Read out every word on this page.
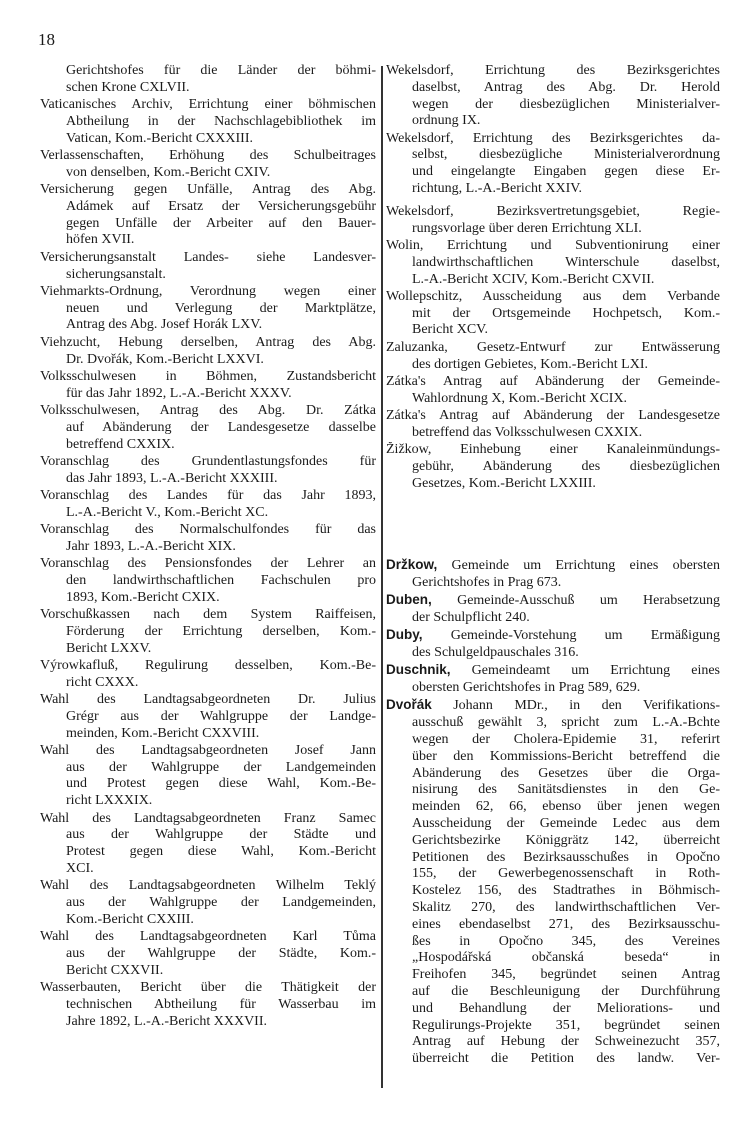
18
Gerichtshofes für die Länder der böhmi-
schen Krone CXLVII.
Vaticanisches Archiv, Errichtung einer böhmischen
Abtheilung in der Nachschlagebibliothek im
Vatican, Kom.-Bericht CXXXIII.
Verlassenschaften, Erhöhung des Schulbeitrages
von denselben, Kom.-Bericht CXIV.
Versicherung gegen Unfälle, Antrag des Abg.
Adámek auf Ersatz der Versicherungsgebühr
gegen Unfälle der Arbeiter auf den Bauer-
höfen XVII.
Versicherungsanstalt Landes- siehe Landesver-
sicherungsanstalt.
Viehmarkts-Ordnung, Verordnung wegen einer
neuen und Verlegung der Marktplätze,
Antrag des Abg. Josef Horák LXV.
Viehzucht, Hebung derselben, Antrag des Abg.
Dr. Dvořák, Kom.-Bericht LXXVI.
Volksschulwesen in Böhmen, Zustandsbericht
für das Jahr 1892, L.-A.-Bericht XXXV.
Volksschulwesen, Antrag des Abg. Dr. Zátka
auf Abänderung der Landesgesetze dasselbe
betreffend CXXIX.
Voranschlag des Grundentlastungsfondes für
das Jahr 1893, L.-A.-Bericht XXXIII.
Voranschlag des Landes für das Jahr 1893,
L.-A.-Bericht V., Kom.-Bericht XC.
Voranschlag des Normalschulfondes für das
Jahr 1893, L.-A.-Bericht XIX.
Voranschlag des Pensionsfondes der Lehrer an
den landwirthschaftlichen Fachschulen pro
1893, Kom.-Bericht CXIX.
Vorschußkassen nach dem System Raiffeisen,
Förderung der Errichtung derselben, Kom.-
Bericht LXXV.
Výrowkafluß, Regulirung desselben, Kom.-Be-
richt CXXX.
Wahl des Landtagsabgeordneten Dr. Julius
Grégr aus der Wahlgruppe der Landge-
meinden, Kom.-Bericht CXXVIII.
Wahl des Landtagsabgeordneten Josef Jann
aus der Wahlgruppe der Landgemeinden
und Protest gegen diese Wahl, Kom.-Be-
richt LXXXIX.
Wahl des Landtagsabgeordneten Franz Samec
aus der Wahlgruppe der Städte und
Protest gegen diese Wahl, Kom.-Bericht
XCI.
Wahl des Landtagsabgeordneten Wilhelm Teklý
aus der Wahlgruppe der Landgemeinden,
Kom.-Bericht CXXIII.
Wahl des Landtagsabgeordneten Karl Tůma
aus der Wahlgruppe der Städte, Kom.-
Bericht CXXVII.
Wasserbauten, Bericht über die Thätigkeit der
technischen Abtheilung für Wasserbau im
Jahre 1892, L.-A.-Bericht XXXVII.
Wekelsdorf, Errichtung des Bezirksgerichtes
daselbst, Antrag des Abg. Dr. Herold
wegen der diesbezüglichen Ministerialver-
ordnung IX.
Wekelsdorf, Errichtung des Bezirksgerichtes da-
selbst, diesbezügliche Ministerialverordnung
und eingelangte Eingaben gegen diese Er-
richtung, L.-A.-Bericht XXIV.
Wekelsdorf, Bezirksvertretungsgebiet, Regie-
rungsvorlage über deren Errichtung XLI.
Wolin, Errichtung und Subventionirung einer
landwirthschaftlichen Winterschule daselbst,
L.-A.-Bericht XCIV, Kom.-Bericht CXVII.
Wollepschitz, Ausscheidung aus dem Verbande
mit der Ortsgemeinde Hochpetsch, Kom.-
Bericht XCV.
Zaluzanka, Gesetz-Entwurf zur Entwässerung
des dortigen Gebietes, Kom.-Bericht LXI.
Zátka's Antrag auf Abänderung der Gemeinde-
Wahlordnung X, Kom.-Bericht XCIX.
Zátka's Antrag auf Abänderung der Landesgesetze
betreffend das Volksschulwesen CXXIX.
Žižkow, Einhebung einer Kanaleinmündungs-
gebühr, Abänderung des diesbezüglichen
Gesetzes, Kom.-Bericht LXXIII.
Držkow, Gemeinde um Errichtung eines obersten
Gerichtshofes in Prag 673.
Duben, Gemeinde-Ausschuß um Herabsetzung
der Schulpflicht 240.
Duby, Gemeinde-Vorstehung um Ermäßigung
des Schulgeldpauschales 316.
Duschnik, Gemeindeamt um Errichtung eines
obersten Gerichtshofes in Prag 589, 629.
Dvořák Johann MDr., in den Verifikations-
ausschuß gewählt 3, spricht zum L.-A.-Bchte
wegen der Cholera-Epidemie 31, referirt
über den Kommissions-Bericht betreffend die
Abänderung des Gesetzes über die Orga-
nisirung des Sanitätsdienstes in den Ge-
meinden 62, 66, ebenso über jenen wegen
Ausscheidung der Gemeinde Ledec aus dem
Gerichtsbezirke Königgrätz 142, überreicht
Petitionen des Bezirksausschußes in Opočno
155, der Gewerbegenossenschaft in Roth-
Kostelez 156, des Stadtrathes in Böhmisch-
Skalitz 270, des landwirthschaftlichen Ver-
eines ebendaselbst 271, des Bezirksausschu-
ßes in Opočno 345, des Vereines
„Hospodářská občanská beseda“ in
Freihofen 345, begründet seinen Antrag
auf die Beschleunigung der Durchführung
und Behandlung der Meliorations- und
Regulirungs-Projekte 351, begründet seinen
Antrag auf Hebung der Schweinezucht 357,
überreicht die Petition des landw. Ver-
